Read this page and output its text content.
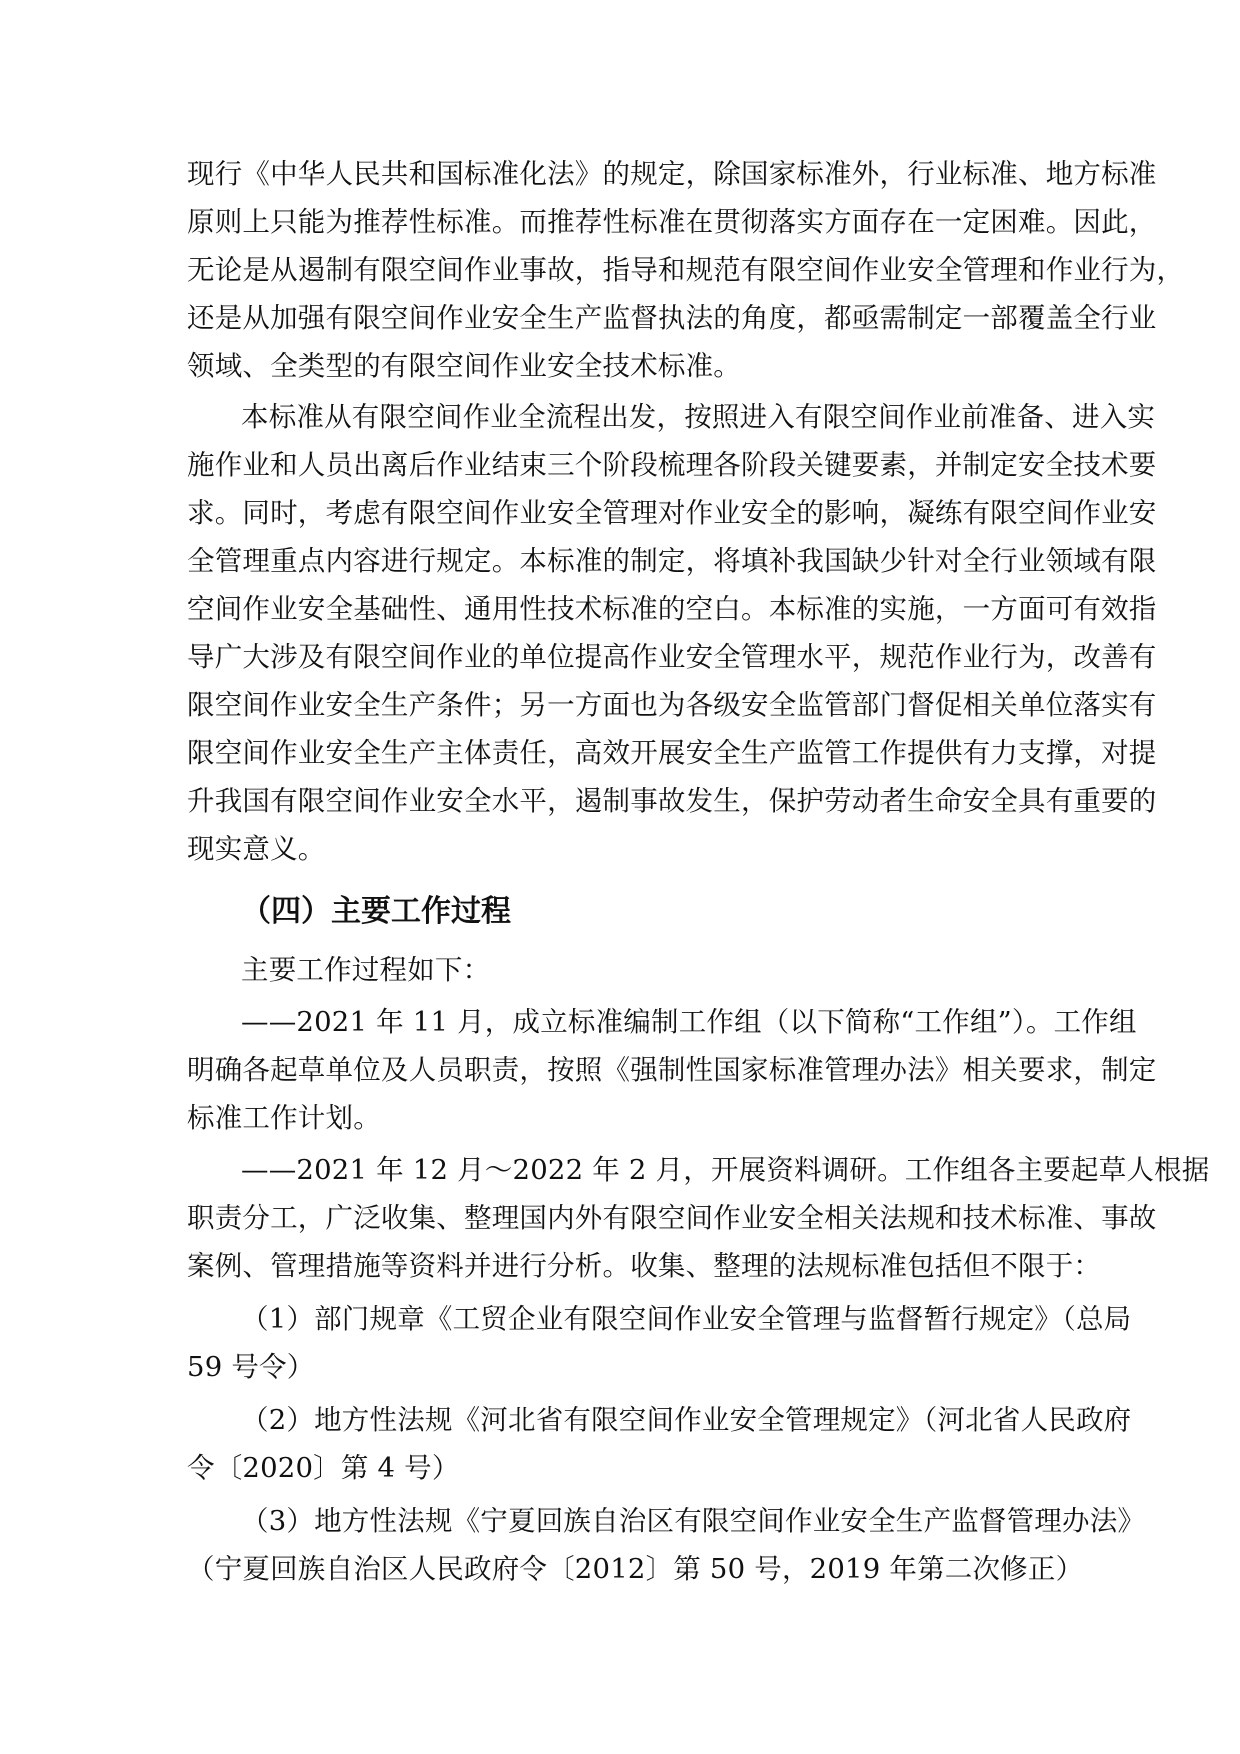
现行《中华人民共和国标准化法》的规定，除国家标准外，行业标准、地方标准
原则上只能为推荐性标准。而推荐性标准在贯彻落实方面存在一定困难。因此，
无论是从遏制有限空间作业事故，指导和规范有限空间作业安全管理和作业行为，
还是从加强有限空间作业安全生产监督执法的角度，都亟需制定一部覆盖全行业
领域、全类型的有限空间作业安全技术标准。
本标准从有限空间作业全流程出发，按照进入有限空间作业前准备、进入实
施作业和人员出离后作业结束三个阶段梳理各阶段关键要素，并制定安全技术要
求。同时，考虑有限空间作业安全管理对作业安全的影响，凝练有限空间作业安
全管理重点内容进行规定。本标准的制定，将填补我国缺少针对全行业领域有限
空间作业安全基础性、通用性技术标准的空白。本标准的实施，一方面可有效指
导广大涉及有限空间作业的单位提高作业安全管理水平，规范作业行为，改善有
限空间作业安全生产条件；另一方面也为各级安全监管部门督促相关单位落实有
限空间作业安全生产主体责任，高效开展安全生产监管工作提供有力支撑，对提
升我国有限空间作业安全水平，遏制事故发生，保护劳动者生命安全具有重要的
现实意义。
（四）主要工作过程
主要工作过程如下：
——2021 年 11 月，成立标准编制工作组（以下简称“工作组”）。工作组
明确各起草单位及人员职责，按照《强制性国家标准管理办法》相关要求，制定
标准工作计划。
——2021 年 12 月～2022 年 2 月，开展资料调研。工作组各主要起草人根据
职责分工，广泛收集、整理国内外有限空间作业安全相关法规和技术标准、事故
案例、管理措施等资料并进行分析。收集、整理的法规标准包括但不限于：
（1）部门规章《工贸企业有限空间作业安全管理与监督暂行规定》（总局
59 号令）
（2）地方性法规《河北省有限空间作业安全管理规定》（河北省人民政府
令〔2020〕第 4 号）
（3）地方性法规《宁夏回族自治区有限空间作业安全生产监督管理办法》
（宁夏回族自治区人民政府令〔2012〕第 50 号，2019 年第二次修正）
